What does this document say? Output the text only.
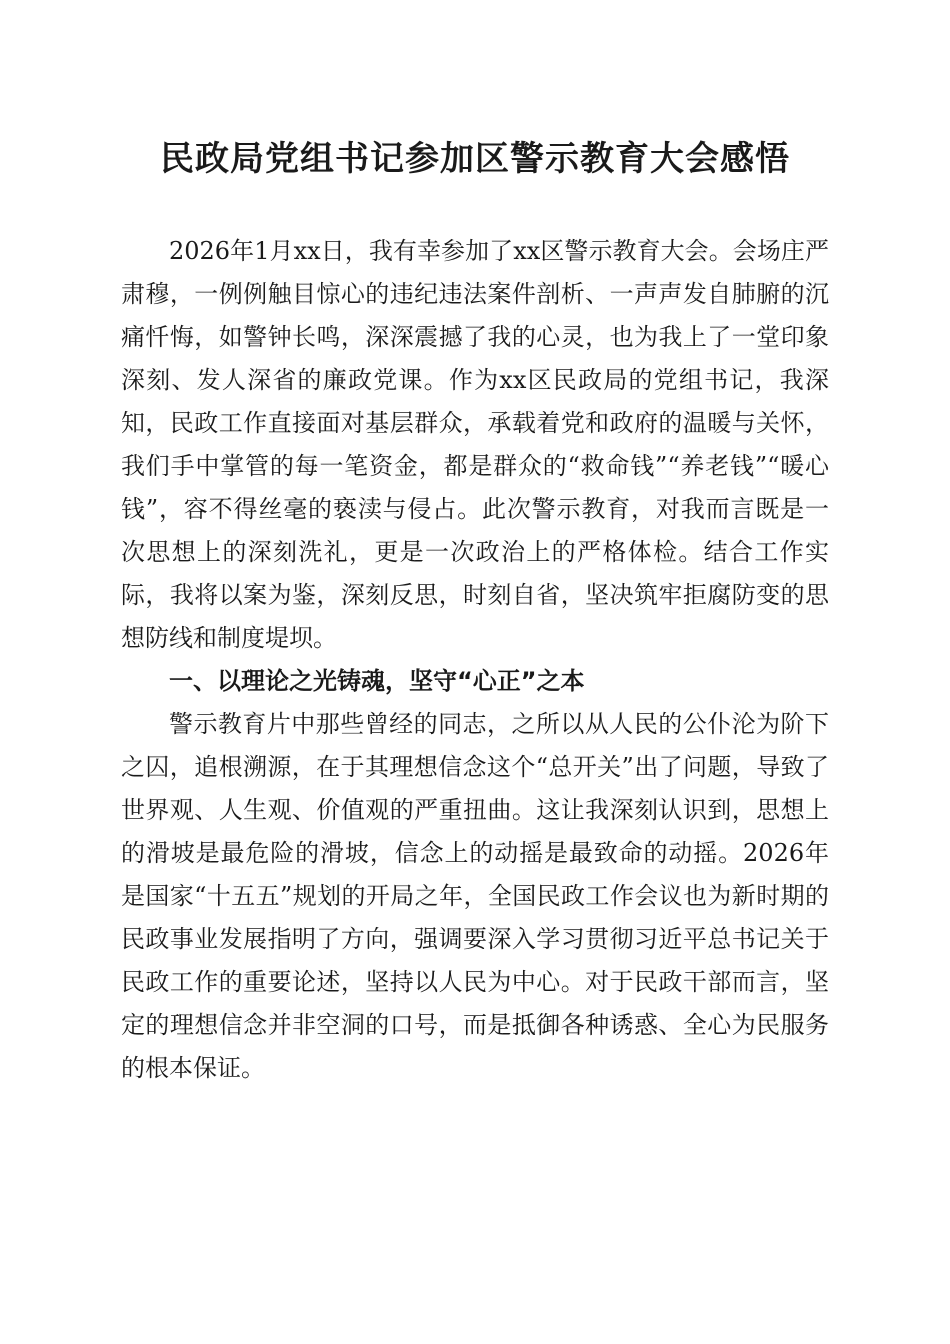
民政局党组书记参加区警示教育大会感悟

2026年1月xx日，我有幸参加了xx区警示教育大会。会场庄严肃穆，一例例触目惊心的违纪违法案件剖析、一声声发自肺腑的沉痛忏悔，如警钟长鸣，深深震撼了我的心灵，也为我上了一堂印象深刻、发人深省的廉政党课。作为xx区民政局的党组书记，我深知，民政工作直接面对基层群众，承载着党和政府的温暖与关怀，我们手中掌管的每一笔资金，都是群众的“救命钱”“养老钱”“暖心钱”，容不得丝毫的亵渎与侵占。此次警示教育，对我而言既是一次思想上的深刻洗礼，更是一次政治上的严格体检。结合工作实际，我将以案为鉴，深刻反思，时刻自省，坚决筑牢拒腐防变的思想防线和制度堤坝。

一、以理论之光铸魂，坚守“心正”之本

警示教育片中那些曾经的同志，之所以从人民的公仆沦为阶下之囚，追根溯源，在于其理想信念这个“总开关”出了问题，导致了世界观、人生观、价值观的严重扭曲。这让我深刻认识到，思想上的滑坡是最危险的滑坡，信念上的动摇是最致命的动摇。2026年是国家“十五五”规划的开局之年，全国民政工作会议也为新时期的民政事业发展指明了方向，强调要深入学习贯彻习近平总书记关于民政工作的重要论述，坚持以人民为中心。对于民政干部而言，坚定的理想信念并非空洞的口号，而是抵御各种诱惑、全心为民服务的根本保证。
